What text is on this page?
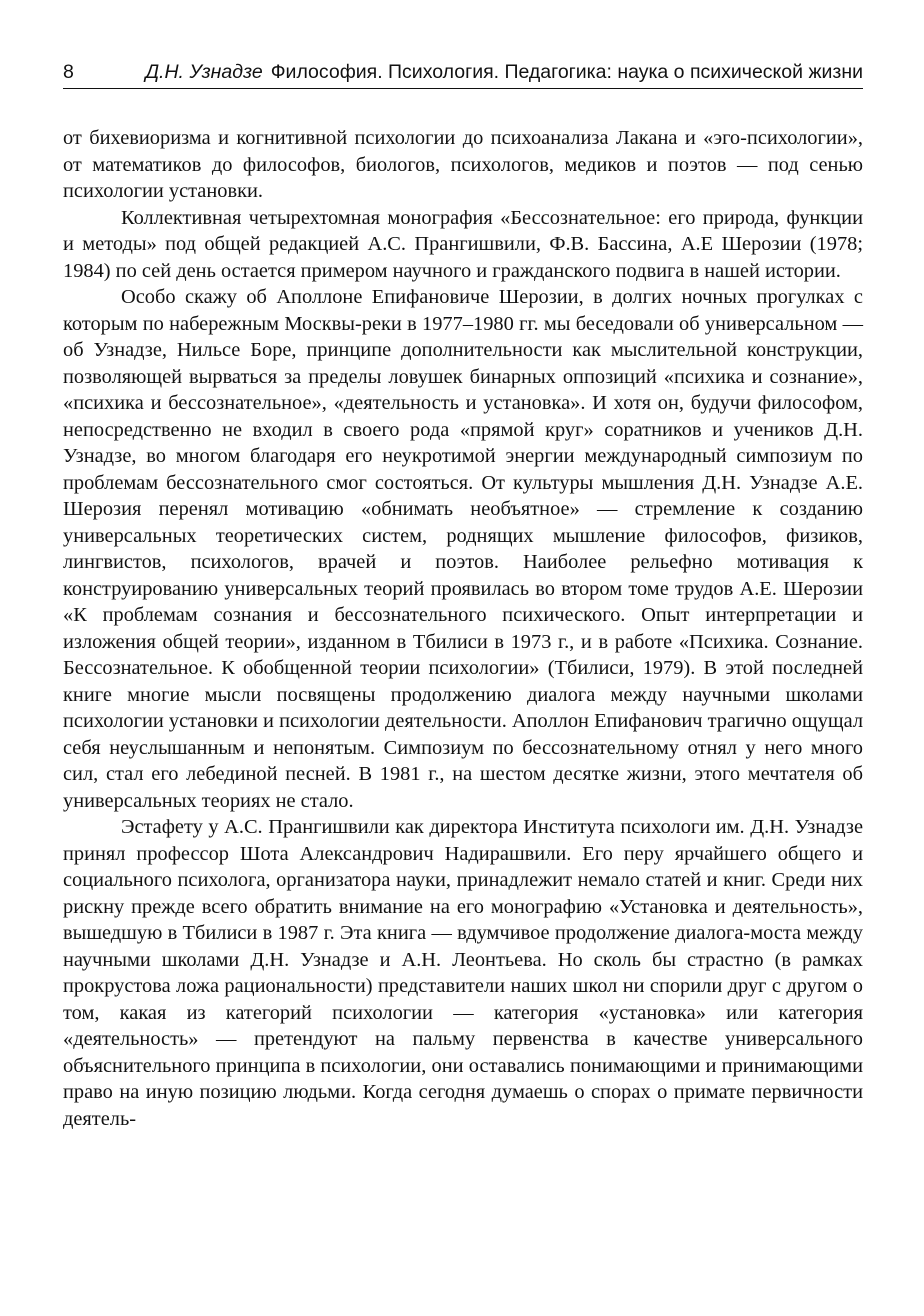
8	Д.Н. Узнадзе Философия. Психология. Педагогика: наука о психической жизни

от бихевиоризма и когнитивной психологии до психоанализа Лакана и «эго-психологии», от математиков до философов, биологов, психологов, медиков и поэтов — под сенью психологии установки.

Коллективная четырехтомная монография «Бессознательное: его природа, функции и методы» под общей редакцией А.С. Прангишвили, Ф.В. Бассина, А.Е Шерозии (1978; 1984) по сей день остается примером научного и гражданского подвига в нашей истории.

Особо скажу об Аполлоне Епифановиче Шерозии, в долгих ночных прогулках с которым по набережным Москвы-реки в 1977–1980 гг. мы беседовали об универсальном — об Узнадзе, Нильсе Боре, принципе дополнительности как мыслительной конструкции, позволяющей вырваться за пределы ловушек бинарных оппозиций «психика и сознание», «психика и бессознательное», «деятельность и установка». И хотя он, будучи философом, непосредственно не входил в своего рода «прямой круг» соратников и учеников Д.Н. Узнадзе, во многом благодаря его неукротимой энергии международный симпозиум по проблемам бессознательного смог состояться. От культуры мышления Д.Н. Узнадзе А.Е. Шерозия перенял мотивацию «обнимать необъятное» — стремление к созданию универсальных теоретических систем, роднящих мышление философов, физиков, лингвистов, психологов, врачей и поэтов. Наиболее рельефно мотивация к конструированию универсальных теорий проявилась во втором томе трудов А.Е. Шерозии «К проблемам сознания и бессознательного психического. Опыт интерпретации и изложения общей теории», изданном в Тбилиси в 1973 г., и в работе «Психика. Сознание. Бессознательное. К обобщенной теории психологии» (Тбилиси, 1979). В этой последней книге многие мысли посвящены продолжению диалога между научными школами психологии установки и психологии деятельности. Аполлон Епифанович трагично ощущал себя неуслышанным и непонятым. Симпозиум по бессознательному отнял у него много сил, стал его лебединой песней. В 1981 г., на шестом десятке жизни, этого мечтателя об универсальных теориях не стало.

Эстафету у А.С. Прангишвили как директора Института психологи им. Д.Н. Узнадзе принял профессор Шота Александрович Надирашвили. Его перу ярчайшего общего и социального психолога, организатора науки, принадлежит немало статей и книг. Среди них рискну прежде всего обратить внимание на его монографию «Установка и деятельность», вышедшую в Тбилиси в 1987 г. Эта книга — вдумчивое продолжение диалога-моста между научными школами Д.Н. Узнадзе и А.Н. Леонтьева. Но сколь бы страстно (в рамках прокрустова ложа рациональности) представители наших школ ни спорили друг с другом о том, какая из категорий психологии — категория «установка» или категория «деятельность» — претендуют на пальму первенства в качестве универсального объяснительного принципа в психологии, они оставались понимающими и принимающими право на иную позицию людьми. Когда сегодня думаешь о спорах о примате первичности деятель-
